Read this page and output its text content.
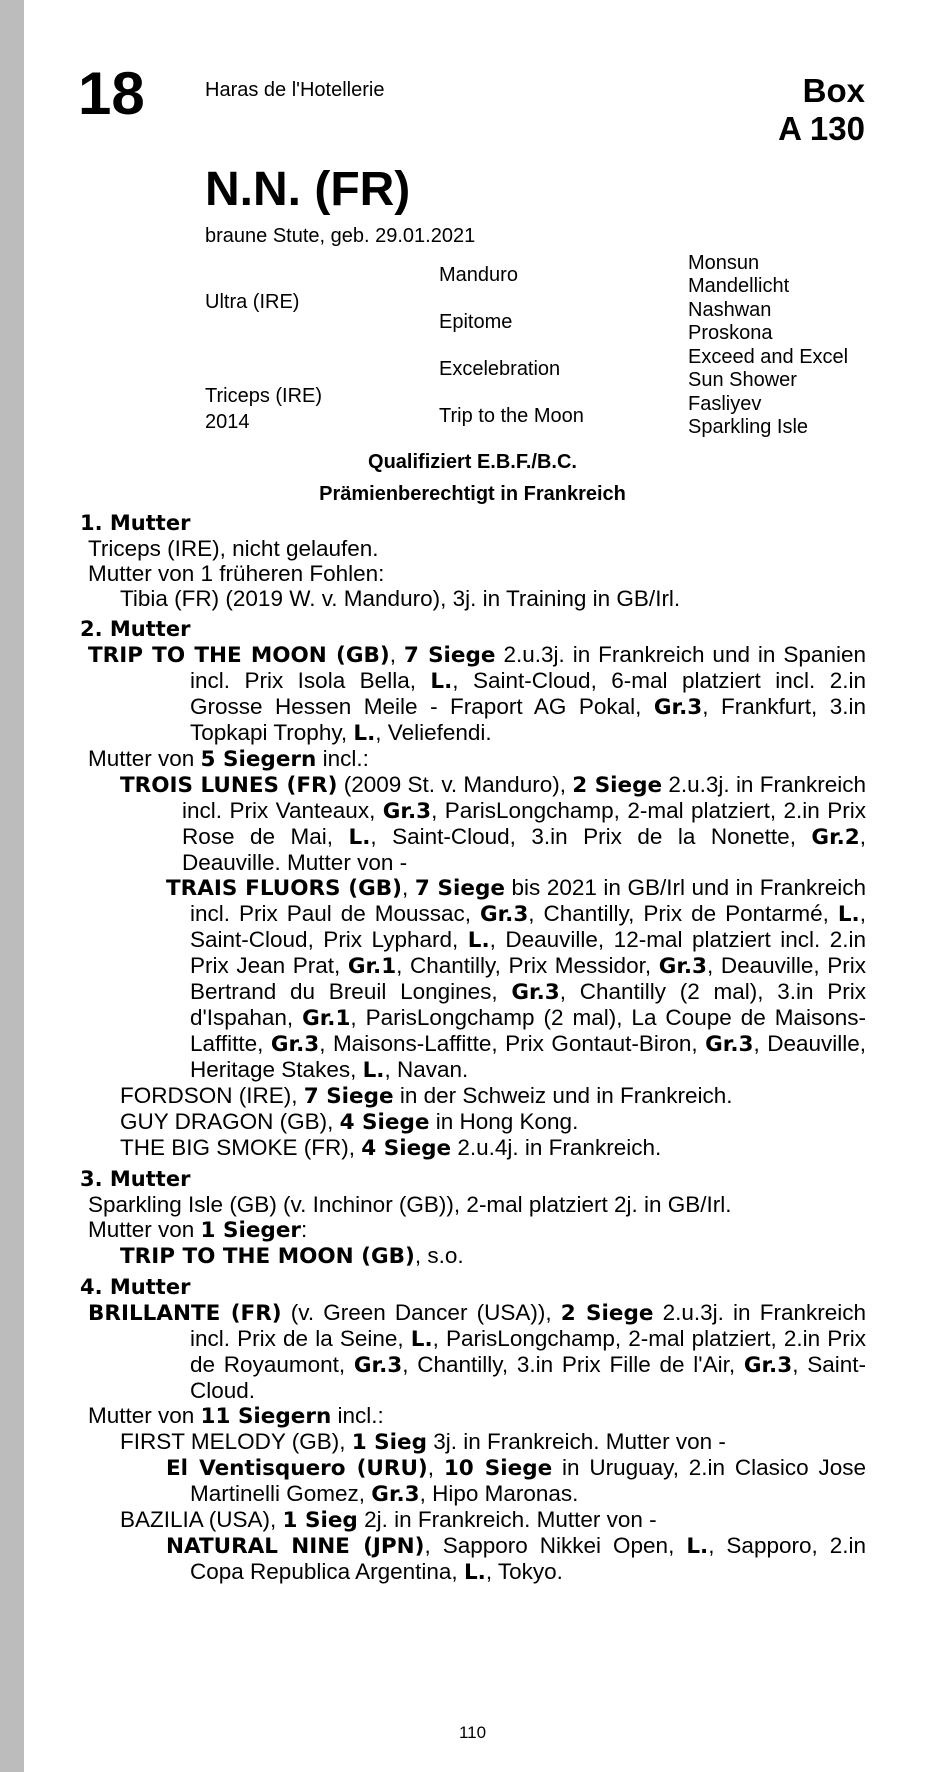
18	Haras de l'Hotellerie	Box
A 130
N.N. (FR)
braune Stute, geb. 29.01.2021
Ultra (IRE)
Triceps (IRE)
2014
Manduro
Epitome
Excelebration
Trip to the Moon
Monsun
Mandellicht
Nashwan
Proskona
Exceed and Excel
Sun Shower
Fasliyev
Sparkling Isle
Qualifiziert E.B.F./B.C.
Prämienberechtigt in Frankreich

1. Mutter

Triceps (IRE), nicht gelaufen.

Mutter von 1 früheren Fohlen:

Tibia (FR) (2019 W. v. Manduro), 3j. in Training in GB/Irl.

2. Mutter

TRIP TO THE MOON (GB), 7 Siege 2.u.3j. in Frankreich und in Spanien incl. Prix Isola Bella, L., Saint-Cloud, 6-mal platziert incl. 2.in Grosse Hessen Meile - Fraport AG Pokal, Gr.3, Frankfurt, 3.in Topkapi Trophy, L., Veliefendi.

Mutter von 5 Siegern incl.:

TROIS LUNES (FR) (2009 St. v. Manduro), 2 Siege 2.u.3j. in Frankreich incl. Prix Vanteaux, Gr.3, ParisLongchamp, 2-mal platziert, 2.in Prix Rose de Mai, L., Saint-Cloud, 3.in Prix de la Nonette, Gr.2, Deauville. Mutter von -

TRAIS FLUORS (GB), 7 Siege bis 2021 in GB/Irl und in Frankreich incl. Prix Paul de Moussac, Gr.3, Chantilly, Prix de Pontarmé, L., Saint-Cloud, Prix Lyphard, L., Deauville, 12-mal platziert incl. 2.in Prix Jean Prat, Gr.1, Chantilly, Prix Messidor, Gr.3, Deauville, Prix Bertrand du Breuil Longines, Gr.3, Chantilly (2 mal), 3.in Prix d'Ispahan, Gr.1, ParisLongchamp (2 mal), La Coupe de Maisons-Laffitte, Gr.3, Maisons-Laffitte, Prix Gontaut-Biron, Gr.3, Deauville, Heritage Stakes, L., Navan.

FORDSON (IRE), 7 Siege in der Schweiz und in Frankreich.

GUY DRAGON (GB), 4 Siege in Hong Kong.

THE BIG SMOKE (FR), 4 Siege 2.u.4j. in Frankreich.

3. Mutter

Sparkling Isle (GB) (v. Inchinor (GB)), 2-mal platziert 2j. in GB/Irl.

Mutter von 1 Sieger:

TRIP TO THE MOON (GB), s.o.

4. Mutter

BRILLANTE (FR) (v. Green Dancer (USA)), 2 Siege 2.u.3j. in Frankreich incl. Prix de la Seine, L., ParisLongchamp, 2-mal platziert, 2.in Prix de Royaumont, Gr.3, Chantilly, 3.in Prix Fille de l'Air, Gr.3, Saint-Cloud.

Mutter von 11 Siegern incl.:

FIRST MELODY (GB), 1 Sieg 3j. in Frankreich. Mutter von -

El Ventisquero (URU), 10 Siege in Uruguay, 2.in Clasico Jose Martinelli Gomez, Gr.3, Hipo Maronas.

BAZILIA (USA), 1 Sieg 2j. in Frankreich. Mutter von -

NATURAL NINE (JPN), Sapporo Nikkei Open, L., Sapporo, 2.in Copa Republica Argentina, L., Tokyo.

110
